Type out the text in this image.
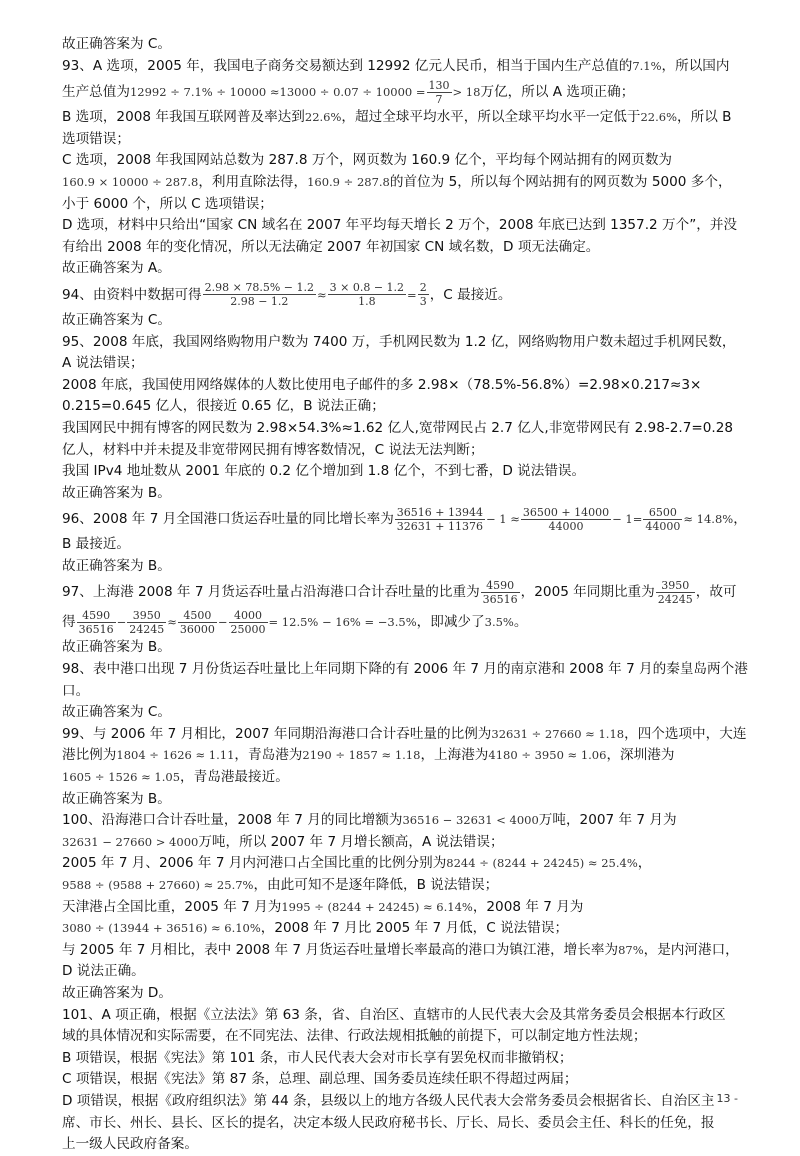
故正确答案为 C。
93、A 选项，2005 年，我国电子商务交易额达到 12992 亿元人民币，相当于国内生产总值的7.1%，所以国内
生产总值为$12992 \div 7.1\% \div 10000 \approx 13000 \div 0.07 \div 10000 = \frac{130}{7} > 18$万亿，所以 A 选项正确；
B 选项，2008 年我国互联网普及率达到22.6%，超过全球平均水平，所以全球平均水平一定低于22.6%，所以 B
选项错误；
C 选项，2008 年我国网站总数为 287.8 万个，网页数为 160.9 亿个，平均每个网站拥有的网页数为
160.9 × 10000 ÷ 287.8，利用直除法得，160.9 ÷ 287.8的首位为 5，所以每个网站拥有的网页数为 5000 多个，
小于 6000 个，所以 C 选项错误；
D 选项，材料中只给出“国家 CN 域名在 2007 年平均每天增长 2 万个，2008 年底已达到 1357.2 万个”，并没
有给出 2008 年的变化情况，所以无法确定 2007 年初国家 CN 域名数，D 项无法确定。
故正确答案为 A。
94、由资料中数据可得 $\frac{2.98 \times 78.5\% - 1.2}{2.98 - 1.2} \approx \frac{3 \times 0.8 - 1.2}{1.8} = \frac{2}{3}$ ，C 最接近。
故正确答案为 C。
95、2008 年底，我国网络购物用户数为 7400 万，手机网民数为 1.2 亿，网络购物用户数未超过手机网民数，
A 说法错误；
2008 年底，我国使用网络媒体的人数比使用电子邮件的多 2.98×（78.5%-56.8%）=2.98×0.217≈3×
0.215=0.645 亿人，很接近 0.65 亿，B 说法正确；
我国网民中拥有博客的网民数为 2.98×54.3%≈1.62 亿人,宽带网民占 2.7 亿人,非宽带网民有 2.98-2.7=0.28
亿人，材料中并未提及非宽带网民拥有博客数情况，C 说法无法判断；
我国 IPv4 地址数从 2001 年底的 0.2 亿个增加到 1.8 亿个，不到七番，D 说法错误。
故正确答案为 B。
96、2008 年 7 月全国港口货运吞吐量的同比增长率为 $\frac{36516 + 13944}{32631 + 11376} - 1 \approx \frac{36500 + 14000}{44000} - 1= \frac{6500}{44000} \approx 14.8\%$，
B 最接近。
故正确答案为 B。
97、上海港 2008 年 7 月货运吞吐量占沿海港口合计吞吐量的比重为 $\frac{4590}{36516}$ ，2005 年同期比重为 $\frac{3950}{24245}$ ，故可
得 $\frac{4590}{36516} - \frac{3950}{24245} \approx \frac{4500}{36000} - \frac{4000}{25000} = 12.5\% - 16\% = -3.5\%$，即减少了3.5%。
故正确答案为 B。
98、表中港口出现 7 月份货运吞吐量比上年同期下降的有 2006 年 7 月的南京港和 2008 年 7 月的秦皇岛两个港
口。
故正确答案为 C。
99、与 2006 年 7 月相比，2007 年同期沿海港口合计吞吐量的比例为32631 ÷ 27660 ≈ 1.18，四个选项中，大连
港比例为1804 ÷ 1626 ≈ 1.11，青岛港为2190 ÷ 1857 ≈ 1.18，上海港为4180 ÷ 3950 ≈ 1.06，深圳港为
1605 ÷ 1526 ≈ 1.05，青岛港最接近。
故正确答案为 B。
100、沿海港口合计吞吐量，2008 年 7 月的同比增额为36516 − 32631 < 4000万吨，2007 年 7 月为
32631 − 27660 > 4000万吨，所以 2007 年 7 月增长额高，A 说法错误；
2005 年 7 月、2006 年 7 月内河港口占全国比重的比例分别为8244 ÷ (8244 + 24245) ≈ 25.4%，
9588 ÷ (9588 + 27660) ≈ 25.7%，由此可知不是逐年降低，B 说法错误；
天津港占全国比重，2005 年 7 月为1995 ÷ (8244 + 24245) ≈ 6.14%，2008 年 7 月为
3080 ÷ (13944 + 36516) ≈ 6.10%，2008 年 7 月比 2005 年 7 月低，C 说法错误；
与 2005 年 7 月相比，表中 2008 年 7 月货运吞吐量增长率最高的港口为镇江港，增长率为87%，是内河港口，
D 说法正确。
故正确答案为 D。
101、A 项正确，根据《立法法》第 63 条，省、自治区、直辖市的人民代表大会及其常务委员会根据本行政区
域的具体情况和实际需要，在不同宪法、法律、行政法规相抵触的前提下，可以制定地方性法规；
B 项错误，根据《宪法》第 101 条，市人民代表大会对市长享有罢免权而非撤销权；
C 项错误，根据《宪法》第 87 条，总理、副总理、国务委员连续任职不得超过两届；
D 项错误，根据《政府组织法》第 44 条，县级以上的地方各级人民代表大会常务委员会根据省长、自治区主
席、市长、州长、县长、区长的提名，决定本级人民政府秘书长、厅长、局长、委员会主任、科长的任免，报
上一级人民政府备案。
- 13 -
